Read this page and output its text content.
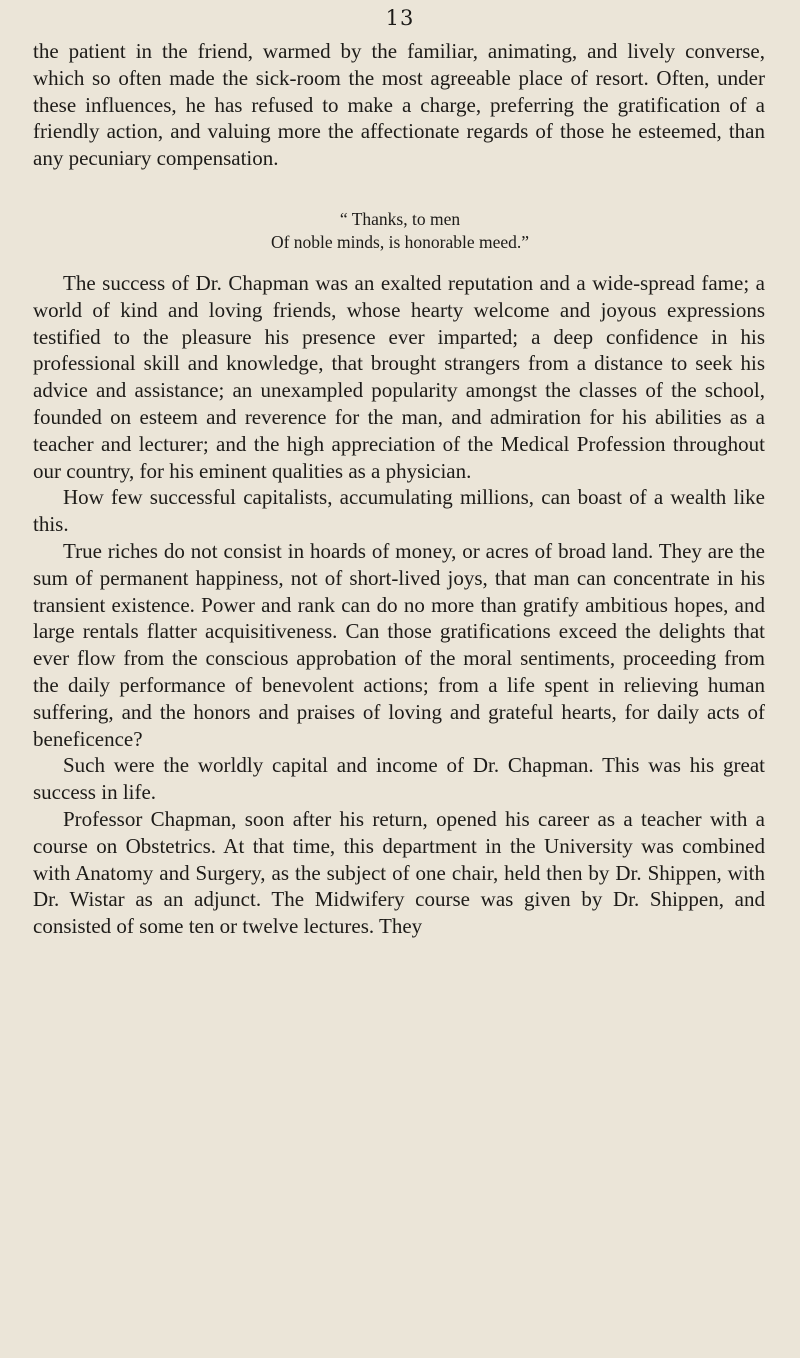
13

the patient in the friend, warmed by the familiar, animating, and lively converse, which so often made the sick-room the most agreeable place of resort. Often, under these influences, he has refused to make a charge, preferring the gratification of a friendly action, and valuing more the affectionate regards of those he esteemed, than any pecuniary compensation.

“ Thanks, to men
Of noble minds, is honorable meed.”

The success of Dr. Chapman was an exalted reputation and a wide-spread fame; a world of kind and loving friends, whose hearty welcome and joyous expressions testified to the pleasure his presence ever imparted; a deep confidence in his professional skill and knowledge, that brought strangers from a distance to seek his advice and assistance; an unexampled popularity amongst the classes of the school, founded on esteem and reverence for the man, and admiration for his abilities as a teacher and lecturer; and the high appreciation of the Medical Profession throughout our country, for his eminent qualities as a physician.

How few successful capitalists, accumulating millions, can boast of a wealth like this.

True riches do not consist in hoards of money, or acres of broad land. They are the sum of permanent happiness, not of short-lived joys, that man can concentrate in his transient existence. Power and rank can do no more than gratify ambitious hopes, and large rentals flatter acquisitiveness. Can those gratifications exceed the delights that ever flow from the conscious approbation of the moral sentiments, proceeding from the daily performance of benevolent actions; from a life spent in relieving human suffering, and the honors and praises of loving and grateful hearts, for daily acts of beneficence?

Such were the worldly capital and income of Dr. Chapman. This was his great success in life.

Professor Chapman, soon after his return, opened his career as a teacher with a course on Obstetrics. At that time, this department in the University was combined with Anatomy and Surgery, as the subject of one chair, held then by Dr. Shippen, with Dr. Wistar as an adjunct. The Midwifery course was given by Dr. Shippen, and consisted of some ten or twelve lectures. They
